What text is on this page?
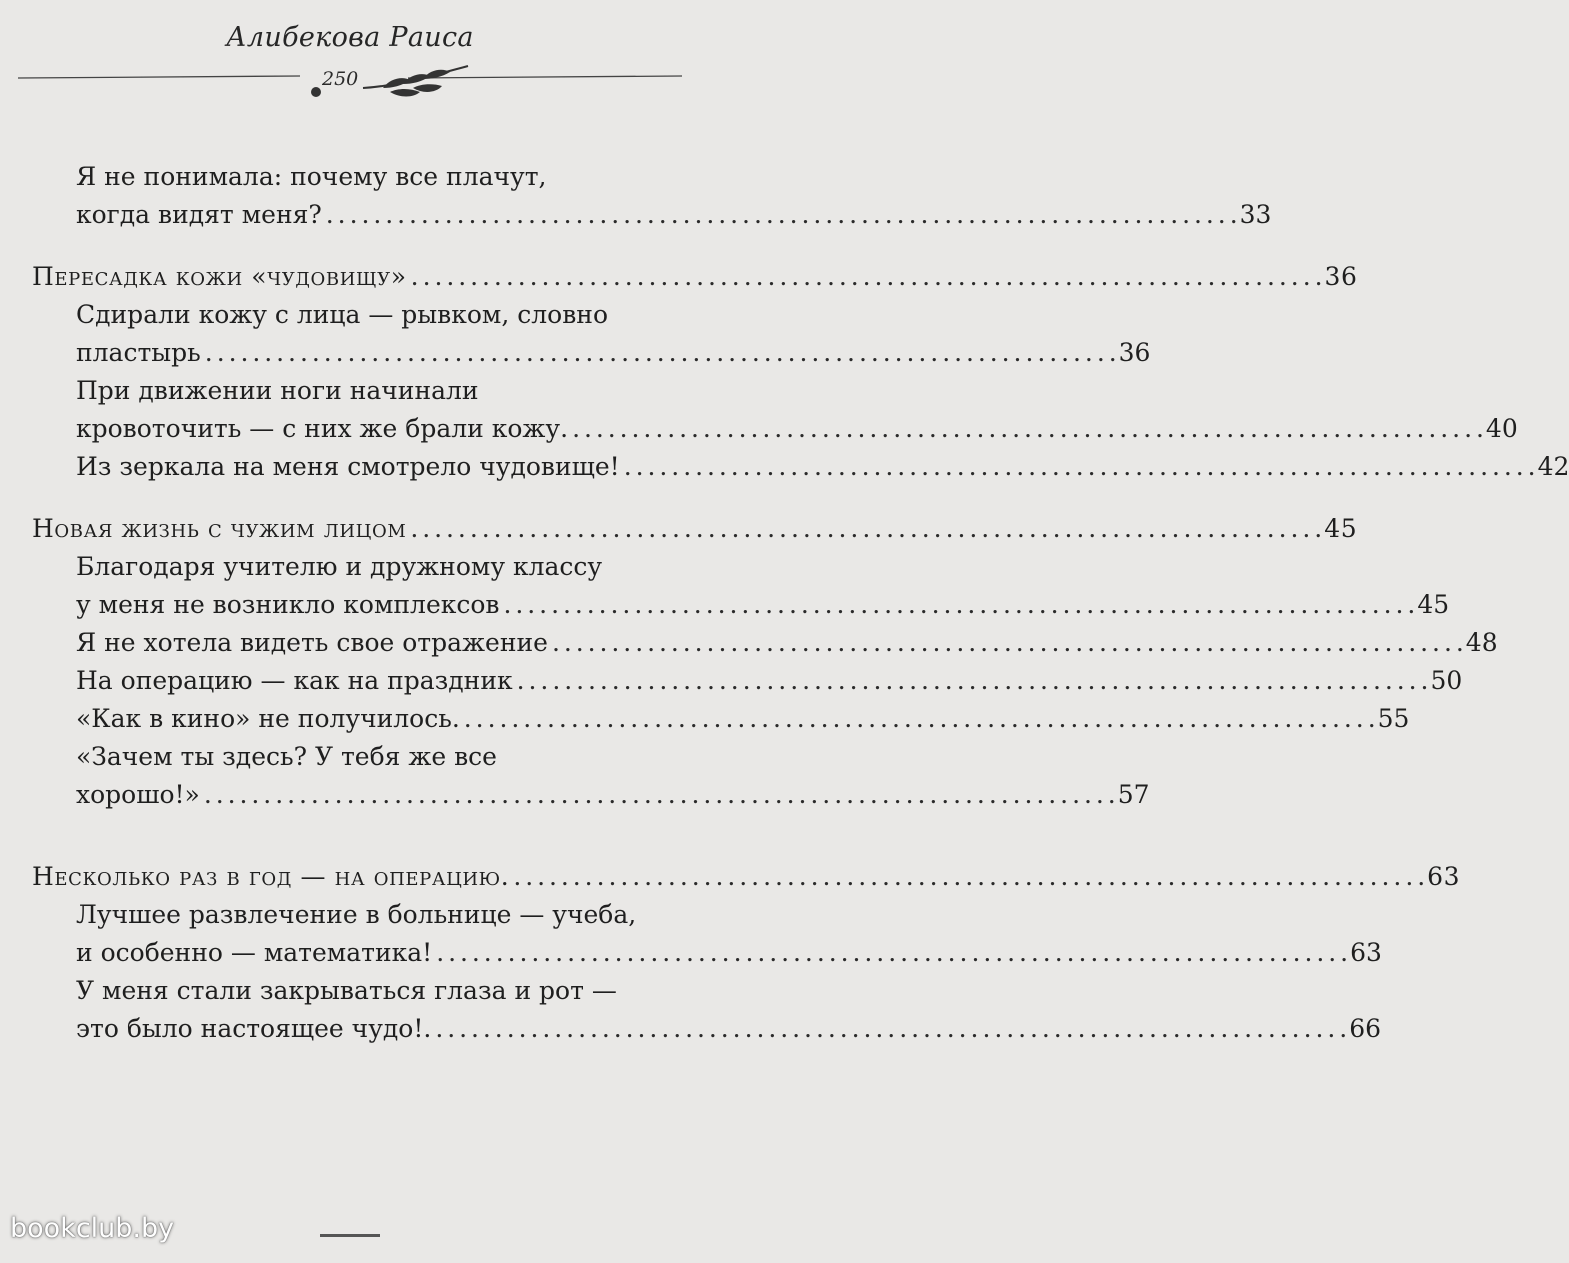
Алибекова Раиса
250
Я не понимала: почему все плачут,
когда видят меня? . . .	33
Пересадка кожи «чудовищу» . . .	36
Сдирали кожу с лица — рывком, словно
пластырь . . .	36
При движении ноги начинали
кровоточить — с них же брали кожу. . . .	40
Из зеркала на меня смотрело чудовище! . . .	42
Новая жизнь с чужим лицом . . .	45
Благодаря учителю и дружному классу
у меня не возникло комплексов . . .	45
Я не хотела видеть свое отражение . . .	48
На операцию — как на праздник . . .	50
«Как в кино» не получилось. . . .	55
«Зачем ты здесь? У тебя же все
хорошо!» . . .	57
Несколько раз в год — на операцию. . . .	63
Лучшее развлечение в больнице — учеба,
и особенно — математика! . . .	63
У меня стали закрываться глаза и рот —
это было настоящее чудо!. . . .	66
bookclub.by
